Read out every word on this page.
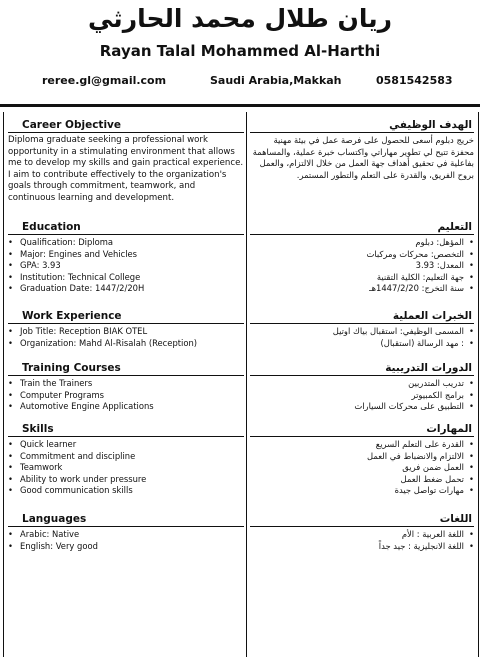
ريان طلال محمد الحارثي
Rayan Talal Mohammed Al-Harthi
reree.gl@gmail.com	Saudi Arabia,Makkah	0581542583
Career Objective
Diploma graduate seeking a professional work opportunity in a stimulating environment that allows me to develop my skills and gain practical experience. I aim to contribute effectively to the organization's goals through commitment, teamwork, and continuous learning and development.
Education
• Qualification: Diploma
• Major: Engines and Vehicles
• GPA: 3.93
• Institution: Technical College
• Graduation Date: 1447/2/20H
Work Experience
• Job Title: Reception BIAK OTEL
• Organization: Mahd Al-Risalah (Reception)
Training Courses
• Train the Trainers
• Computer Programs
• Automotive Engine Applications
Skills
• Quick learner
• Commitment and discipline
• Teamwork
• Ability to work under pressure
• Good communication skills
Languages
• Arabic: Native
• English: Very good
الهدف الوظيفي
خريج دبلوم أسعى للحصول على فرصة عمل في بيئة مهنية محفزة تتيح لي تطوير مهاراتي واكتساب خبرة عملية، والمساهمة بفاعلية في تحقيق أهداف جهة العمل من خلال الالتزام، والعمل بروح الفريق، والقدرة على التعلم والتطور المستمر.
التعليم
• المؤهل: دبلوم
• التخصص: محركات ومركبات
• المعدل: 3.93
• جهة التعليم: الكلية التقنية
• سنة التخرج: 1447/2/20هـ
الخبرات العملية
• المسمى الوظيفي: استقبال بياك اوتيل
• : مهد الرسالة (استقبال)
الدورات التدريبية
• تدريب المتدربين
• برامج الكمبيوتر
• التطبيق على محركات السيارات
المهارات
• القدرة على التعلم السريع
• الالتزام والانضباط في العمل
• العمل ضمن فريق
• تحمل ضغط العمل
• مهارات تواصل جيدة
اللغات
• اللغة العربية : الأم
• اللغة الانجليزية : جيد جداً
